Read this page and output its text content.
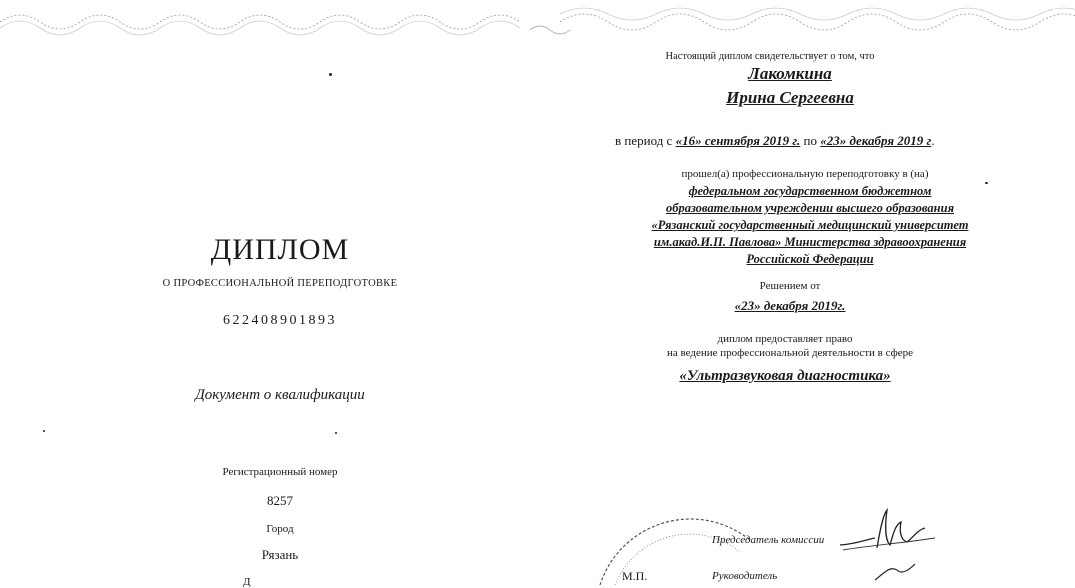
ДИПЛОМ
О ПРОФЕССИОНАЛЬНОЙ ПЕРЕПОДГОТОВКЕ
622408901893
Документ о квалификации
Регистрационный номер
8257
Город
Рязань
Д
Настоящий диплом свидетельствует о том, что
Лакомкина
Ирина Сергеевна
в период с «16» сентября 2019 г. по «23» декабря 2019 г.
прошел(а) профессиональную переподготовку в (на)
федеральном государственном бюджетном
образовательном учреждении высшего образования
«Рязанский государственный медицинский университет
им.акад.И.П. Павлова» Министерства здравоохранения
Российской Федерации
Решением от
«23» декабря 2019г.
диплом предоставляет право
на ведение профессиональной деятельности в сфере
«Ультразвуковая диагностика»
Председатель комиссии
М.П.	Руководитель
